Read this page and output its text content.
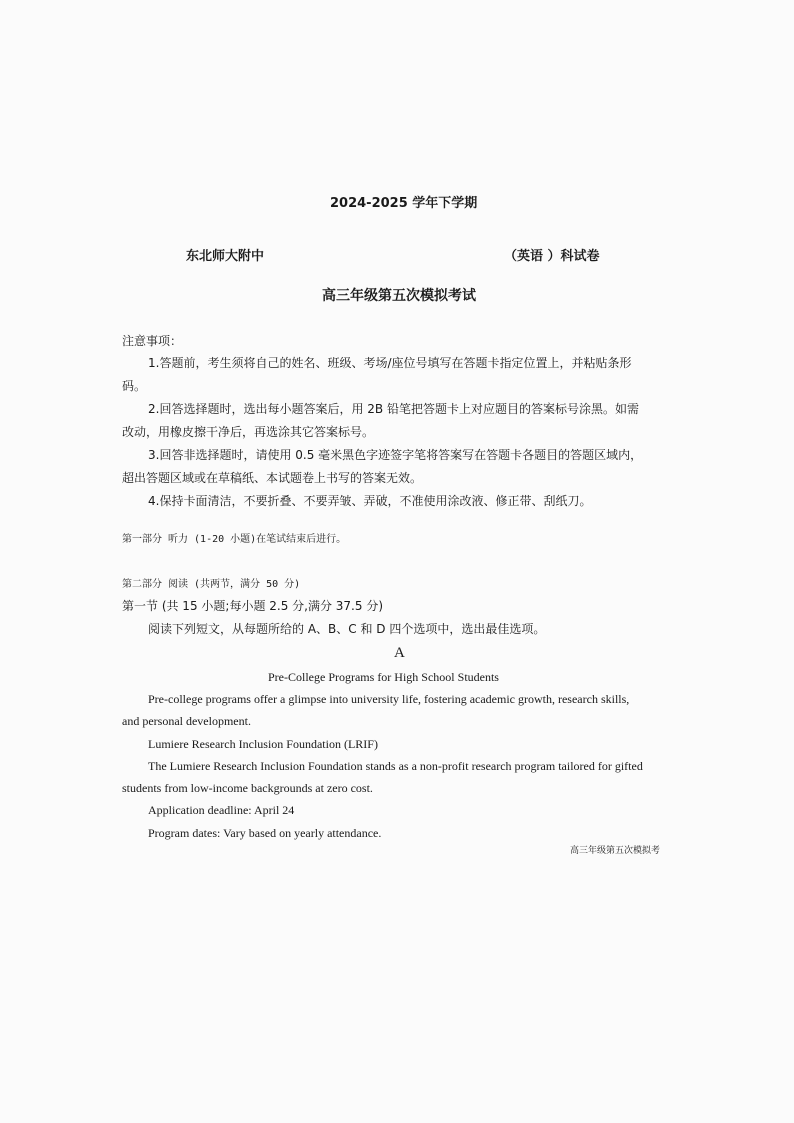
2024-2025 学年下学期
东北师大附中	（英语 ）科试卷
高三年级第五次模拟考试
注意事项：
1.答题前，考生须将自己的姓名、班级、考场/座位号填写在答题卡指定位置上，并粘贴条形
码。
2.回答选择题时，选出每小题答案后，用 2B 铅笔把答题卡上对应题目的答案标号涂黑。如需
改动，用橡皮擦干净后，再选涂其它答案标号。
3.回答非选择题时，请使用 0.5 毫米黑色字迹签字笔将答案写在答题卡各题目的答题区域内，
超出答题区域或在草稿纸、本试题卷上书写的答案无效。
4.保持卡面清洁，不要折叠、不要弄皱、弄破，不准使用涂改液、修正带、刮纸刀。
第一部分 听力 (1-20 小题)在笔试结束后进行。
第二部分 阅读 (共两节，满分 50 分)
第一节 (共 15 小题;每小题 2.5 分,满分 37.5 分)
阅读下列短文，从每题所给的 A、B、C 和 D 四个选项中，选出最佳选项。
A
Pre-College Programs for High School Students
Pre-college programs offer a glimpse into university life, fostering academic growth, research skills,
and personal development.
Lumiere Research Inclusion Foundation (LRIF)
The Lumiere Research Inclusion Foundation stands as a non-profit research program tailored for gifted
students from low-income backgrounds at zero cost.
Application deadline: April 24
Program dates: Vary based on yearly attendance.
高三年级第五次模拟考
